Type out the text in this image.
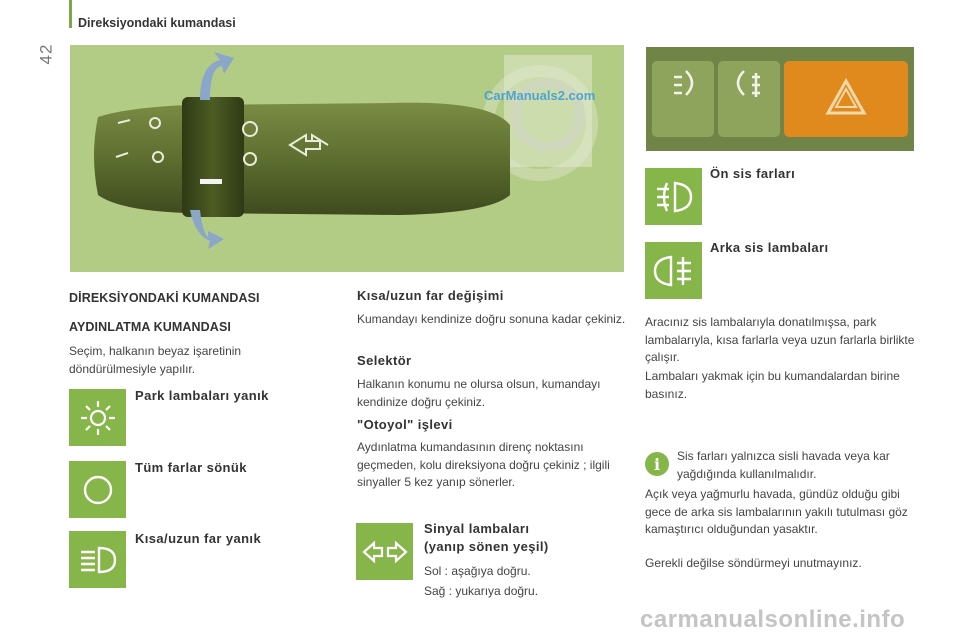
Direksiyondaki kumandasi
42
CarManuals2.com
DİREKSİYONDAKİ KUMANDASI
AYDINLATMA KUMANDASI
Seçim, halkanın beyaz işaretinin döndürülmesiyle yapılır.
Park lambaları yanık
Tüm farlar sönük
Kısa/uzun far yanık
Kısa/uzun far değişimi
Kumandayı kendinize doğru sonuna kadar çekiniz.
Selektör
Halkanın konumu ne olursa olsun, kumandayı kendinize doğru çekiniz.
"Otoyol" işlevi
Aydınlatma kumandasının direnç noktasını geçmeden, kolu direksiyona doğru çekiniz ; ilgili sinyaller 5 kez yanıp sönerler.
Sinyal lambaları
(yanıp sönen yeşil)
Sol : aşağıya doğru.
Sağ : yukarıya doğru.
Ön sis farları
Arka sis lambaları
Aracınız sis lambalarıyla donatılmışsa, park lambalarıyla, kısa farlarla veya uzun farlarla birlikte çalışır.
Lambaları yakmak için bu kumandalardan birine basınız.
i	Sis farları yalnızca sisli havada veya kar yağdığında kullanılmalıdır.
Açık veya yağmurlu havada, gündüz olduğu gibi gece de arka sis lambalarının yakılı tutulması göz kamaştırıcı olduğundan yasaktır.
Gerekli değilse söndürmeyi unutmayınız.
carmanualsonline.info
